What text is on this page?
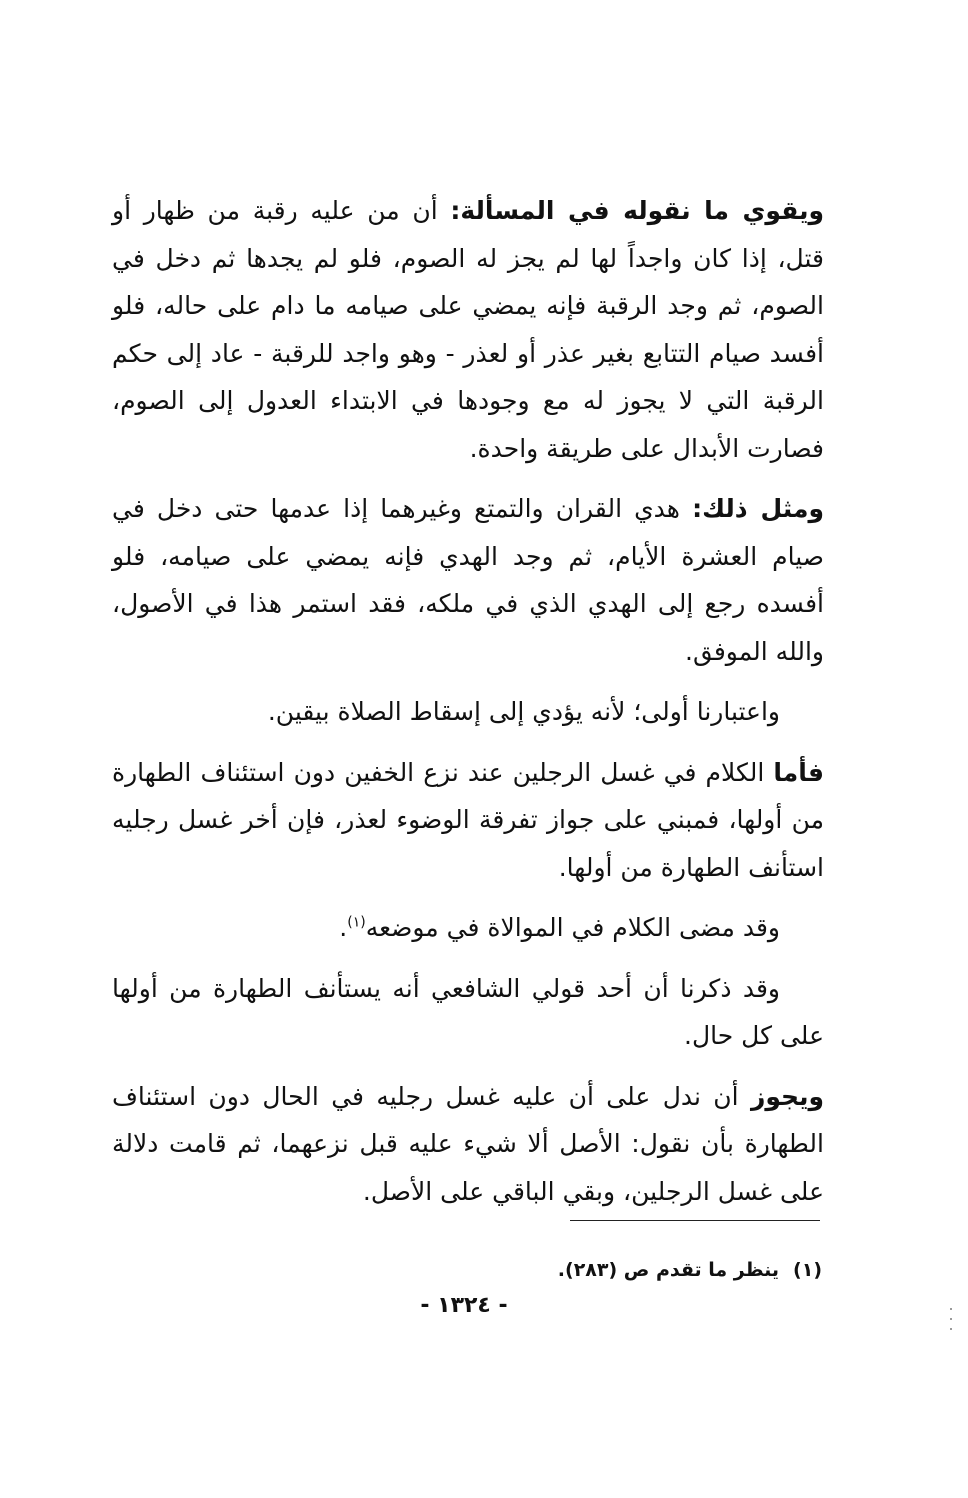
ويقوي ما نقوله في المسألة: أن من عليه رقبة من ظهار أو قتل، إذا كان واجداً لها لم يجز له الصوم، فلو لم يجدها ثم دخل في الصوم، ثم وجد الرقبة فإنه يمضي على صيامه ما دام على حاله، فلو أفسد صيام التتابع بغير عذر أو لعذر - وهو واجد للرقبة - عاد إلى حكم الرقبة التي لا يجوز له مع وجودها في الابتداء العدول إلى الصوم، فصارت الأبدال على طريقة واحدة.

ومثل ذلك: هدي القران والتمتع وغيرهما إذا عدمها حتى دخل في صيام العشرة الأيام، ثم وجد الهدي فإنه يمضي على صيامه، فلو أفسده رجع إلى الهدي الذي في ملكه، فقد استمر هذا في الأصول، والله الموفق.

واعتبارنا أولى؛ لأنه يؤدي إلى إسقاط الصلاة بيقين.

فأما الكلام في غسل الرجلين عند نزع الخفين دون استئناف الطهارة من أولها، فمبني على جواز تفرقة الوضوء لعذر، فإن أخر غسل رجليه استأنف الطهارة من أولها.

وقد مضى الكلام في الموالاة في موضعه$^{(١)}$.

وقد ذكرنا أن أحد قولي الشافعي أنه يستأنف الطهارة من أولها على كل حال.

ويجوز أن ندل على أن عليه غسل رجليه في الحال دون استئناف الطهارة بأن نقول: الأصل ألا شيء عليه قبل نزعهما، ثم قامت دلالة على غسل الرجلين، وبقي الباقي على الأصل.

(١)ينظر ما تقدم ص (٢٨٣).
- ١٣٢٤ -
